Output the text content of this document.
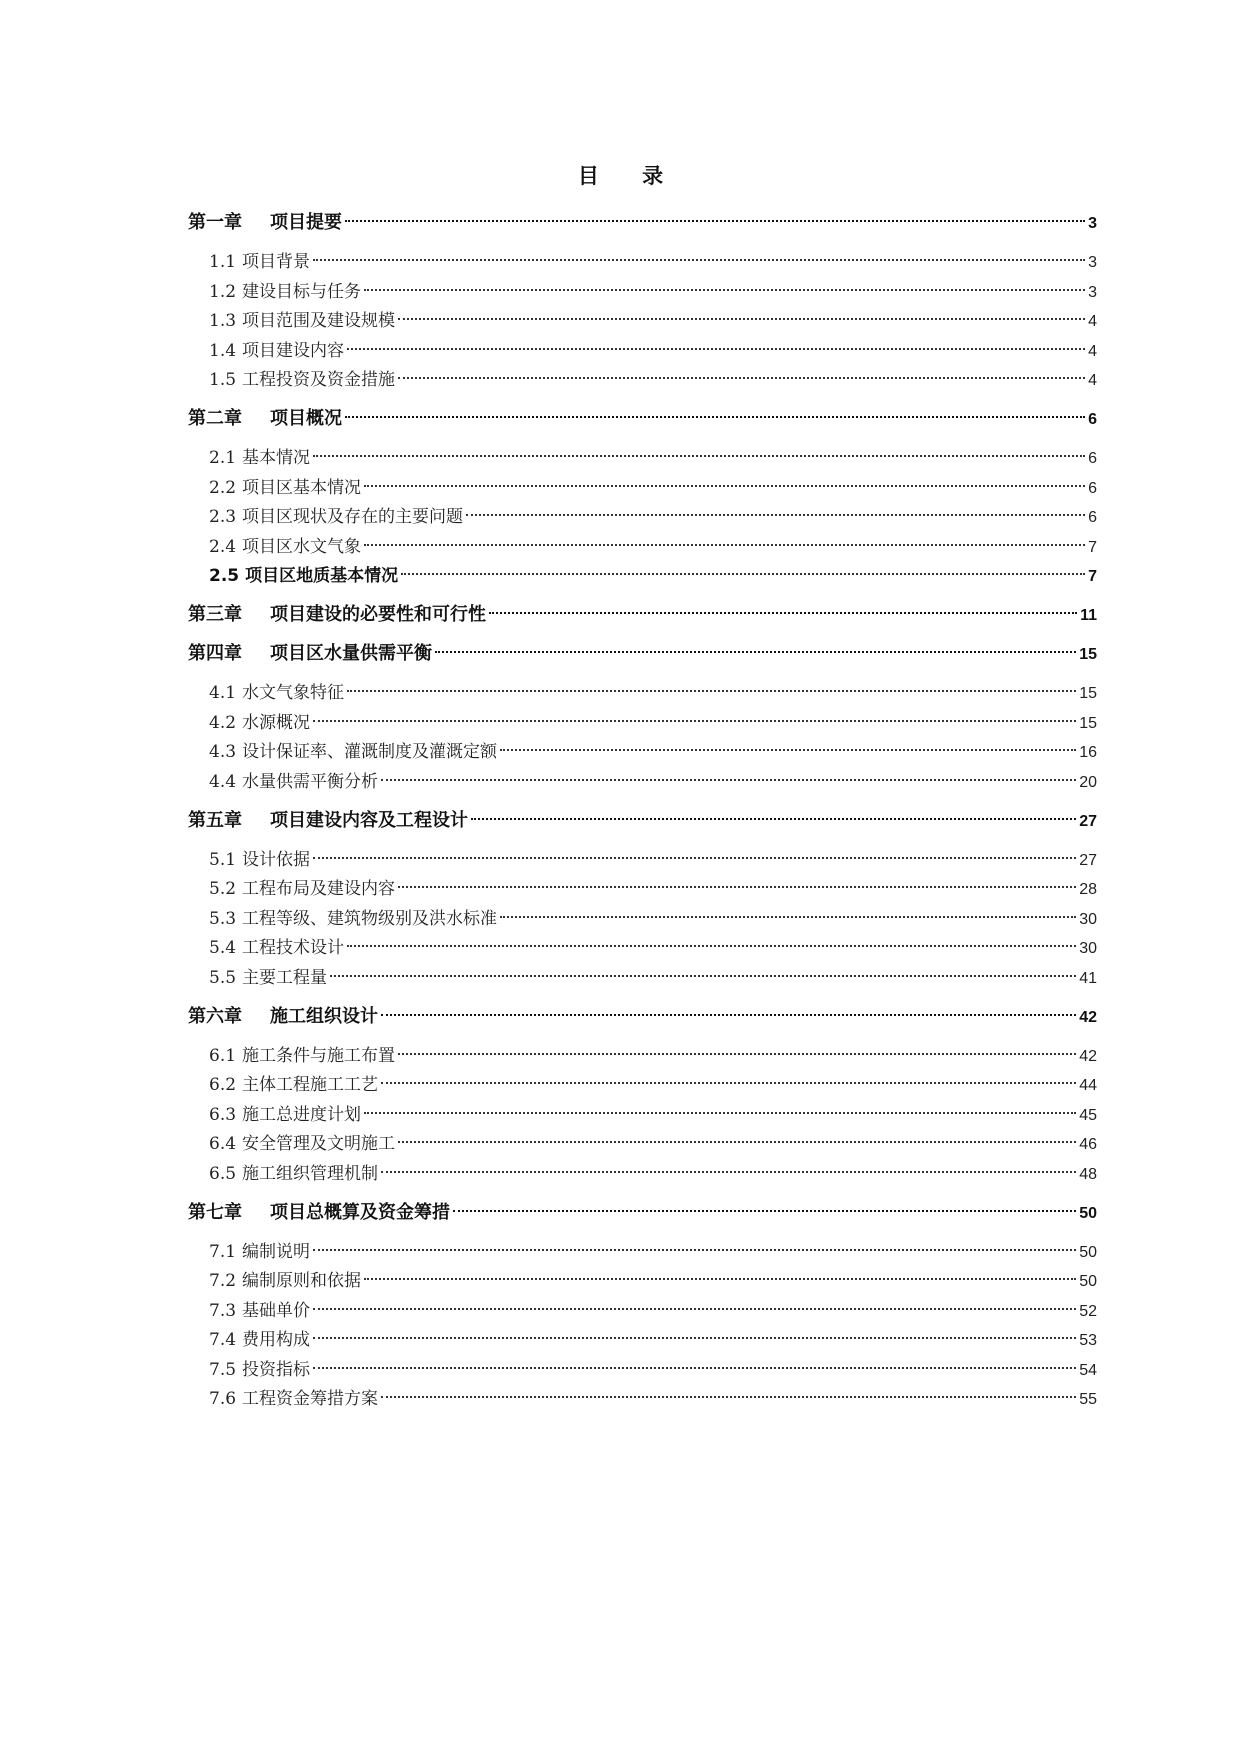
目 录
第一章	项目提要	3
1.1 项目背景	3
1.2 建设目标与任务	3
1.3 项目范围及建设规模	4
1.4 项目建设内容	4
1.5 工程投资及资金措施	4
第二章	项目概况	6
2.1 基本情况	6
2.2 项目区基本情况	6
2.3 项目区现状及存在的主要问题	6
2.4 项目区水文气象	7
2.5 项目区地质基本情况	7
第三章	项目建设的必要性和可行性	11
第四章	项目区水量供需平衡	15
4.1 水文气象特征	15
4.2 水源概况	15
4.3 设计保证率、灌溉制度及灌溉定额	16
4.4 水量供需平衡分析	20
第五章	项目建设内容及工程设计	27
5.1 设计依据	27
5.2 工程布局及建设内容	28
5.3 工程等级、建筑物级别及洪水标准	30
5.4 工程技术设计	30
5.5 主要工程量	41
第六章	施工组织设计	42
6.1 施工条件与施工布置	42
6.2 主体工程施工工艺	44
6.3 施工总进度计划	45
6.4 安全管理及文明施工	46
6.5 施工组织管理机制	48
第七章	项目总概算及资金筹措	50
7.1 编制说明	50
7.2 编制原则和依据	50
7.3 基础单价	52
7.4 费用构成	53
7.5 投资指标	54
7.6 工程资金筹措方案	55
